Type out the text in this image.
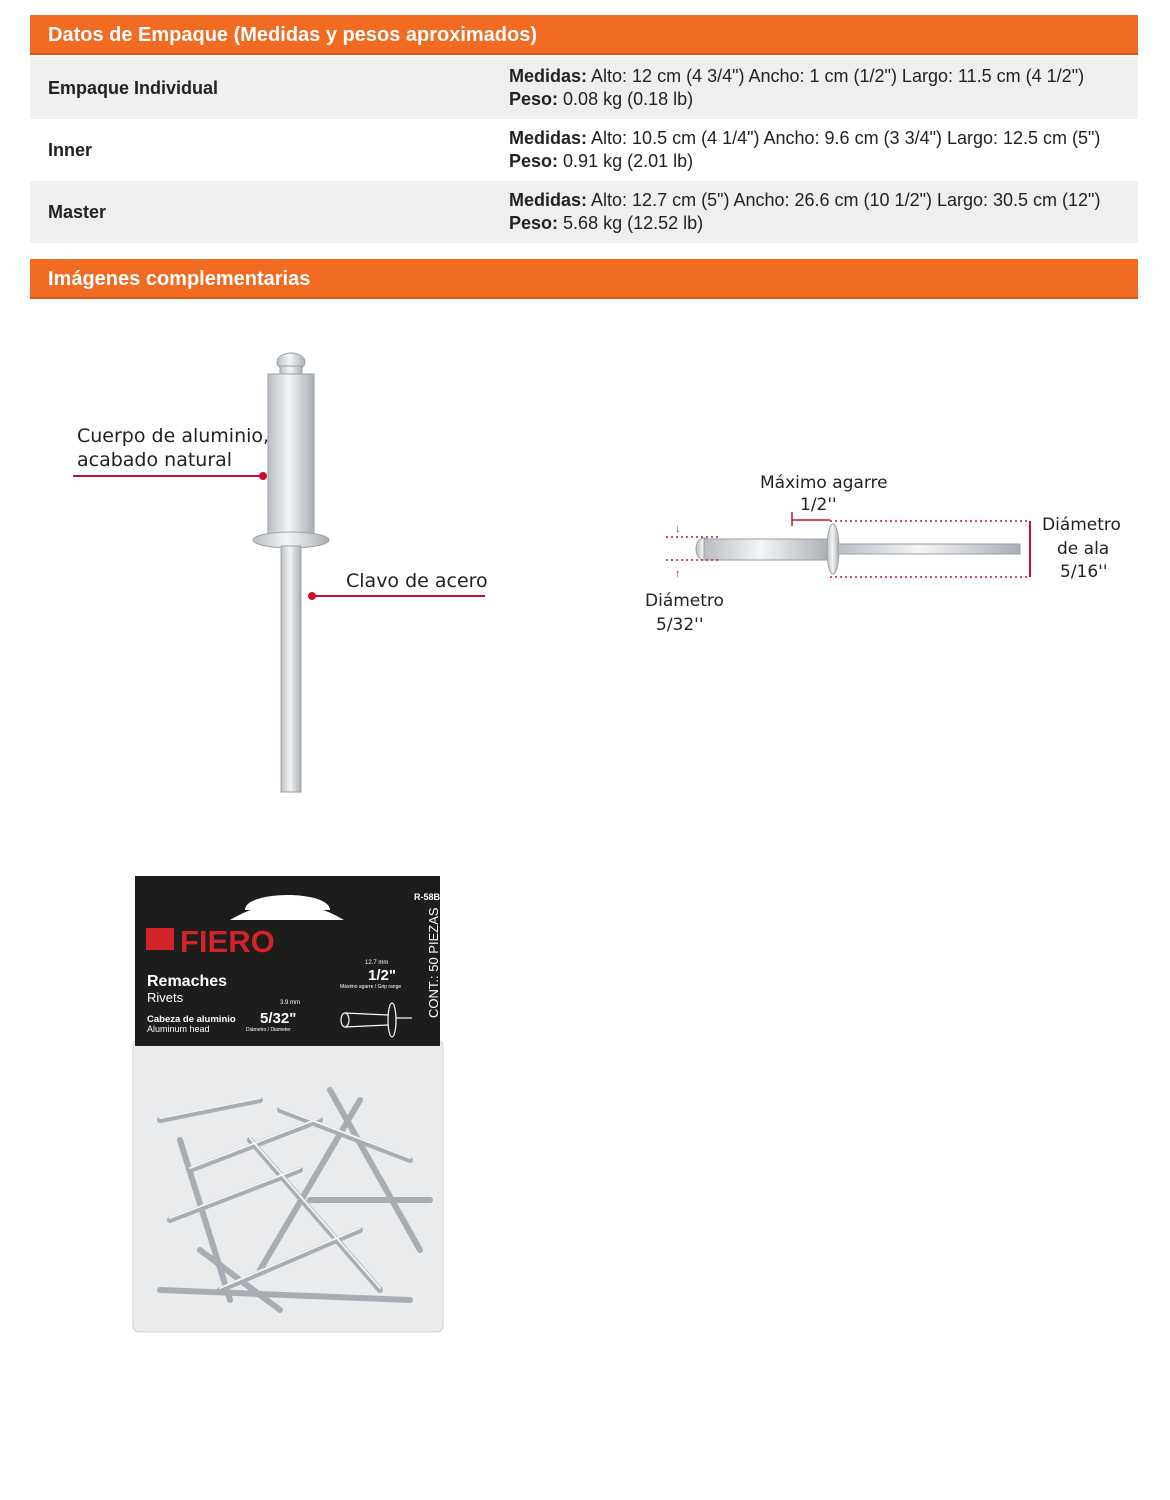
Datos de Empaque (Medidas y pesos aproximados)
Empaque Individual	Medidas: Alto: 12 cm (4 3/4") Ancho: 1 cm (1/2") Largo: 11.5 cm (4 1/2")
Peso: 0.08 kg (0.18 lb)
Inner	Medidas: Alto: 10.5 cm (4 1/4") Ancho: 9.6 cm (3 3/4") Largo: 12.5 cm (5")
Peso: 0.91 kg (2.01 lb)
Master	Medidas: Alto: 12.7 cm (5") Ancho: 26.6 cm (10 1/2") Largo: 30.5 cm (12")
Peso: 5.68 kg (12.52 lb)
Imágenes complementarias
Cuerpo de aluminio,
acabado natural
Clavo de acero
Máximo agarre
1/2''
↓
↑
Diámetro
de ala
5/16''
Diámetro
5/32''
R-58B
FIERO
Remaches
Rivets
Cabeza de aluminio
Aluminum head
12.7 mm
1/2"
Máximo agarre / Grip range
3.9 mm
5/32"
Diámetro / Diameter
CONT.: 50 PIEZAS
